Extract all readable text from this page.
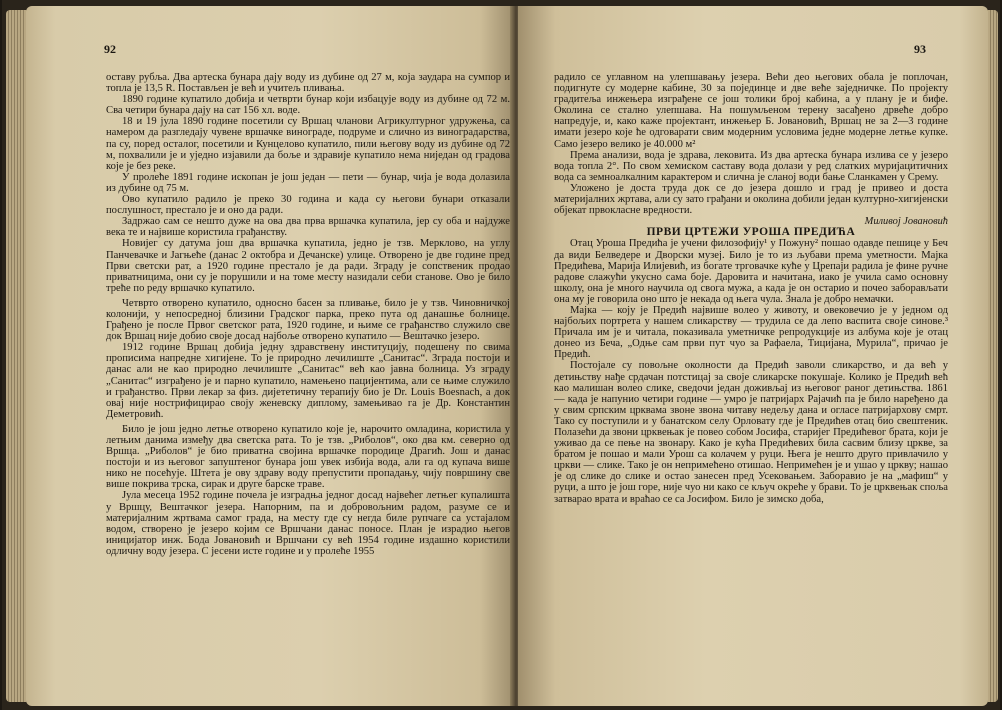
92

оставу рубља. Два артеска бунара дају воду из дубине од 27 м, која заудара на сумпор и топла је 13,5 R. Постављен је већ и учитељ пливања.

1890 године купатило добија и четврти бунар који избацује воду из дубине од 72 м. Сва четири бунара дају на сат 156 хл. воде.

18 и 19 јула 1890 године посетили су Вршац чланови Агрикултурног удружења, са намером да разгледају чувене вршачке винограде, подруме и слично из виноградарства, па су, поред осталог, посетили и Кунцелово купатило, пили његову воду из дубине од 72 м, похвалили је и уједно изјавили да боље и здравије купатило нема ниједан од градова које је без реке.

У пролеће 1891 године ископан је још један — пети — бунар, чија је вода долазила из дубине од 75 м.

Ово купатило радило је преко 30 година и када су његови бунари отказали послушност, престало је и оно да ради.

Задржао сам се нешто дуже на ова два прва вршачка купатила, јер су оба и најдуже века те и највише користила грађанству.

Новијег су датума још два вршачка купатила, једно је тзв. Мерклово, на углу Панчевачке и Јагњеће (данас 2 октобра и Дечанске) улице. Отворено је две године пред Први светски рат, а 1920 године престало је да ради. Зграду је сопственик продао приватницима, они су је порушили и на томе месту назидали себи станове. Ово је било треће по реду вршачко купатило.

Четврто отворено купатило, односно басен за пливање, било је у тзв. Чиновничкој колонији, у непосредној близини Градског парка, преко пута од данашње болнице. Грађено је после Првог светског рата, 1920 године, и њиме се грађанство служило све док Вршац није добио своје досад најбоље отворено купатило — Вештачко језеро.

1912 године Вршац добија једну здравствену институцију, подешену по свима прописима напредне хигијене. То је природно лечилиште „Санитас“. Зграда постоји и данас али не као природно лечилиште „Санитас“ већ као јавна болница. Уз зграду „Санитас“ изграђено је и парно купатило, намењено пацијентима, али се њиме служило и грађанство. Први лекар за физ. дијететичну терапију био је Dr. Louis Boesnach, а док овај није нострифицирао своју женевску диплому, замењивао га је Др. Константин Деметровић.

Било је још једно летње отворено купатило које је, нарочито омладина, користила у летњим данима између два светска рата. То је тзв. „Риболов“, око два км. северно од Вршца. „Риболов“ је био приватна својина вршачке породице Драгић. Још и данас постоји и из његовог запуштеног бунара још увек избија вода, али га од купача више нико не посећује. Штета је ову здраву воду препустити пропадању, чију површину све више покрива трска, сирак и друге барске траве.

Јула месеца 1952 године почела је изградња једног досад највећег летњег купалишта у Вршцу, Вештачког језера. Напорним, па и добровољним радом, разуме се и материјалним жртвама самог града, на месту где су негда биле рупчаге са устајалом водом, створено је језеро којим се Вршчани данас поносе. План је израдио његов иницијатор инж. Бода Јовановић и Вршчани су већ 1954 године издашно користили одличну воду језера. С јесени исте године и у пролеће 1955

93

радило се углавном на улепшавању језера. Већи део његових обала је поплочан, подигнуте су модерне кабине, 30 за појединце и две веће заједничке. По пројекту градитеља инжењера изграђене се још толики број кабина, а у плану је и бифе. Околина се стално улепшава. На пошумљеном терену засађено дрвеће добро напредује, и, како каже пројектант, инжењер Б. Јовановић, Вршац не за 2—3 године имати језеро које ће одговарати свим модерним условима једне модерне летње купке. Само језеро велико је 40.000 м²

Према анализи, вода је здрава, лековита. Из два артеска бунара излива се у језеро вода топла 2°. По свом хемиском саставу вода долази у ред слатких муријацитичних вода са земноалкалним карактером и слична је сланој води бање Сланкамен у Срему.

Уложено је доста труда док се до језера дошло и град је привео и доста материјалних жртава, али су зато грађани и околина добили један културно-хигијенски објекат првокласне вредности.

Миливој Јовановић

ПРВИ ЦРТЕЖИ УРОША ПРЕДИЋА

Отац Уроша Предића је учени филозофију¹ у Пожуну² пошао одавде пешице у Беч да види Белведере и Дворски музеј. Било је то из љубави према уметности. Мајка Предићева, Марија Илијевић, из богате трговачке куће у Црепаји радила је фине ручне радове слажући укусно сама боје. Даровита и начитана, иако је учила само основну школу, она је много научила од свога мужа, а када је он остарио и почео заборављати она му је говорила оно што је некада од њега чула. Знала је добро немачки.

Мајка — коју је Предић највише волео у животу, и овековечио је у једном од најбољих портрета у нашем сликарству — трудила се да лепо васпита своје синове.³ Причала им је и читала, показивала уметничке репродукције из албума које је отац донео из Беча, „Одње сам први пут чуо за Рафаела, Тицијана, Мурила“, причао је Предић.

Постојале су повољне околности да Предић заволи сликарство, и да већ у детињству нађе срдачан потстицај за своје сликарске покушаје. Колико је Предић већ као малишан волео слике, сведочи један доживљај из његовог раног детињства. 1861 — када је напунио четири године — умро је патријарх Рајачић па је било наређено да у свим српским црквама звоне звона читаву недељу дана и огласе патријархову смрт. Тако су поступили и у банатском селу Орловату где је Предићев отац био свештеник. Полазећи да звони црквењак је повео собом Јосифа, старијег Предићевог брата, који је уживао да се пење на звонару. Како је кућа Предићевих била сасвим близу цркве, за братом је пошао и мали Урош са колачем у руци. Њега је нешто друго привлачило у цркви — слике. Тако је он непримећено отишао. Непримећен је и ушао у цркву; нашао је од слике до слике и остао занесен пред Усековањем. Заборавио је на „мафиш“ у руци, а што је још горе, није чуо ни како се кључ окреће у брави. То је црквењак споља затварао врата и враћао се са Јосифом. Било је зимско доба,
